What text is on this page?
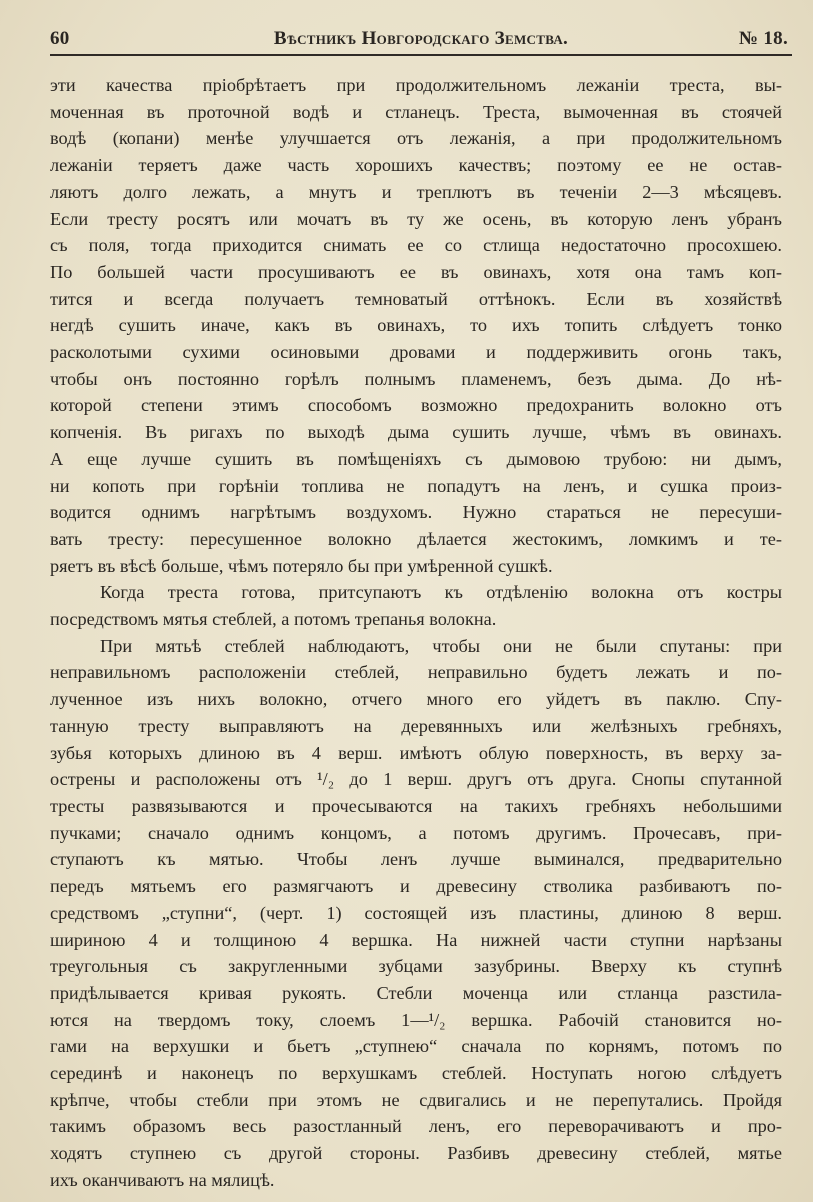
60	Вѣстникъ Новгородскаго Земства.	№ 18.
эти качества пріобрѣтаетъ при продолжительномъ лежаніи треста, вы-
моченная въ проточной водѣ и стланецъ. Треста, вымоченная въ стоячей
водѣ (копани) менѣе улучшается отъ лежанія, а при продолжительномъ
лежаніи теряетъ даже часть хорошихъ качествъ; поэтому ее не остав-
ляютъ долго лежать, а мнутъ и треплютъ въ теченіи 2—3 мѣсяцевъ.
Если тресту росятъ или мочатъ въ ту же осень, въ которую ленъ убранъ
съ поля, тогда приходится снимать ее со стлища недостаточно просохшею.
По большей части просушиваютъ ее въ овинахъ, хотя она тамъ коп-
тится и всегда получаетъ темноватый оттѣнокъ. Если въ хозяйствѣ
негдѣ сушить иначе, какъ въ овинахъ, то ихъ топить слѣдуетъ тонко
расколотыми сухими осиновыми дровами и поддерживить огонь такъ,
чтобы онъ постоянно горѣлъ полнымъ пламенемъ, безъ дыма. До нѣ-
которой степени этимъ способомъ возможно предохранить волокно отъ
копченія. Въ ригахъ по выходѣ дыма сушить лучше, чѣмъ въ овинахъ.
А еще лучше сушить въ помѣщеніяхъ съ дымовою трубою: ни дымъ,
ни копоть при горѣніи топлива не попадутъ на ленъ, и сушка произ-
водится однимъ нагрѣтымъ воздухомъ. Нужно стараться не пересуши-
вать тресту: пересушенное волокно дѣлается жестокимъ, ломкимъ и те-
ряетъ въ вѣсѣ больше, чѣмъ потеряло бы при умѣренной сушкѣ.
Когда треста готова, притсупаютъ къ отдѣленію волокна отъ костры
посредствомъ мятья стеблей, а потомъ трепанья волокна.
При мятьѣ стеблей наблюдаютъ, чтобы они не были спутаны: при
неправильномъ расположеніи стеблей, неправильно будетъ лежать и по-
лученное изъ нихъ волокно, отчего много его уйдетъ въ паклю. Спу-
танную тресту выправляютъ на деревянныхъ или желѣзныхъ гребняхъ,
зубья которыхъ длиною въ 4 верш. имѣютъ облую поверхность, въ верху за-
острены и расположены отъ ¹/₂ до 1 верш. другъ отъ друга. Снопы спутанной
тресты развязываются и прочесываются на такихъ гребняхъ небольшими
пучками; сначало однимъ концомъ, а потомъ другимъ. Прочесавъ, при-
ступаютъ къ мятью. Чтобы ленъ лучше выминался, предварительно
передъ мятьемъ его размягчаютъ и древесину стволика разбиваютъ по-
средствомъ „ступни“, (черт. 1) состоящей изъ пластины, длиною 8 верш.
шириною 4 и толщиною 4 вершка. На нижней части ступни нарѣзаны
треугольныя съ закругленными зубцами зазубрины. Вверху къ ступнѣ
придѣлывается кривая рукоять. Стебли моченца или стланца разстила-
ются на твердомъ току, слоемъ 1—¹/₂ вершка. Рабочій становится но-
гами на верхушки и бьетъ „ступнею“ сначала по корнямъ, потомъ по
серединѣ и наконецъ по верхушкамъ стеблей. Ноступать ногою слѣдуетъ
крѣпче, чтобы стебли при этомъ не сдвигались и не перепутались. Пройдя
такимъ образомъ весь разостланный ленъ, его переворачиваютъ и про-
ходятъ ступнею съ другой стороны. Разбивъ древесину стеблей, мятье
ихъ оканчиваютъ на мялицѣ.
